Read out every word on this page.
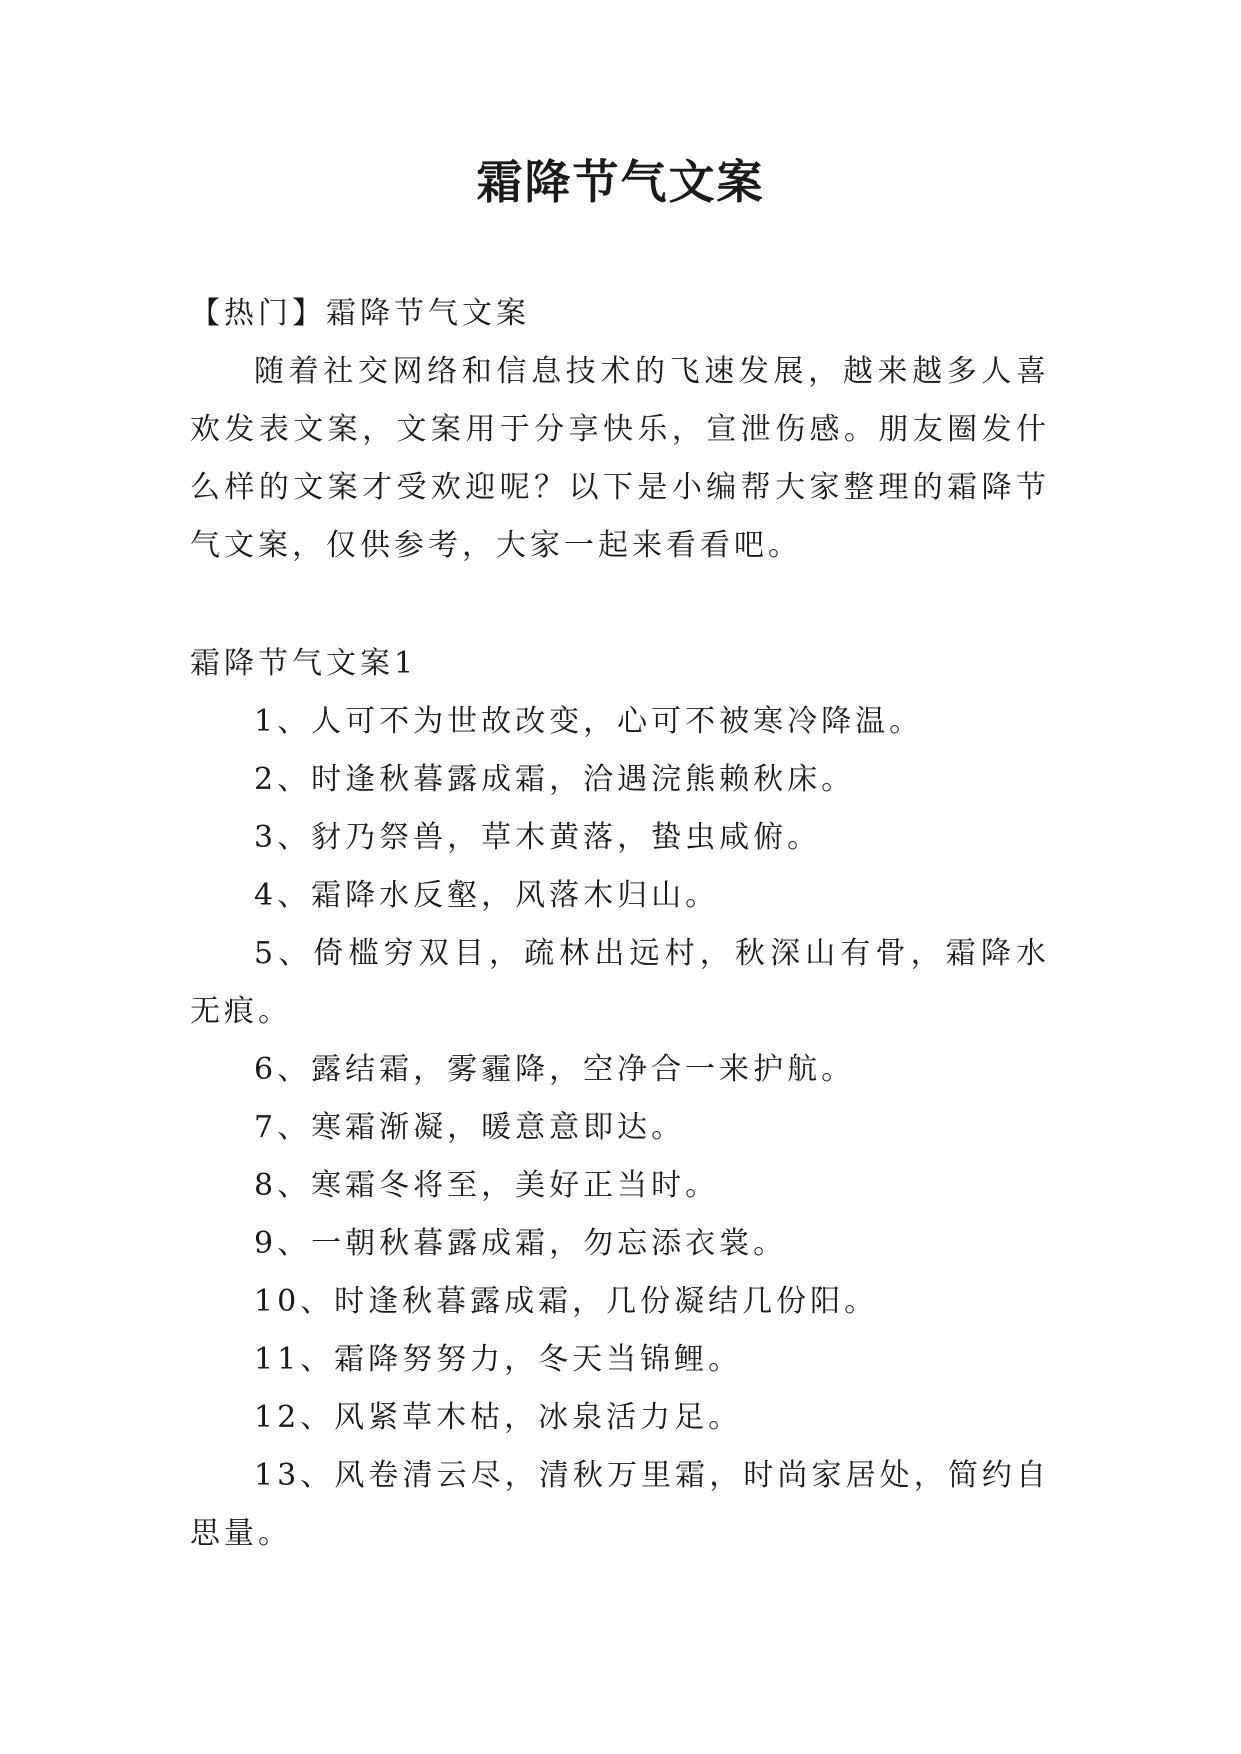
霜降节气文案

【热门】霜降节气文案

随着社交网络和信息技术的飞速发展，越来越多人喜欢发表文案，文案用于分享快乐，宣泄伤感。朋友圈发什么样的文案才受欢迎呢？以下是小编帮大家整理的霜降节气文案，仅供参考，大家一起来看看吧。

霜降节气文案1

1、人可不为世故改变，心可不被寒冷降温。

2、时逢秋暮露成霜，洽遇浣熊赖秋床。

3、豺乃祭兽，草木黄落，蛰虫咸俯。

4、霜降水反壑，风落木归山。

5、倚槛穷双目，疏林出远村，秋深山有骨，霜降水无痕。

6、露结霜，雾霾降，空净合一来护航。

7、寒霜渐凝，暖意意即达。

8、寒霜冬将至，美好正当时。

9、一朝秋暮露成霜，勿忘添衣裳。

10、时逢秋暮露成霜，几份凝结几份阳。

11、霜降努努力，冬天当锦鲤。

12、风紧草木枯，冰泉活力足。

13、风卷清云尽，清秋万里霜，时尚家居处，简约自思量。
